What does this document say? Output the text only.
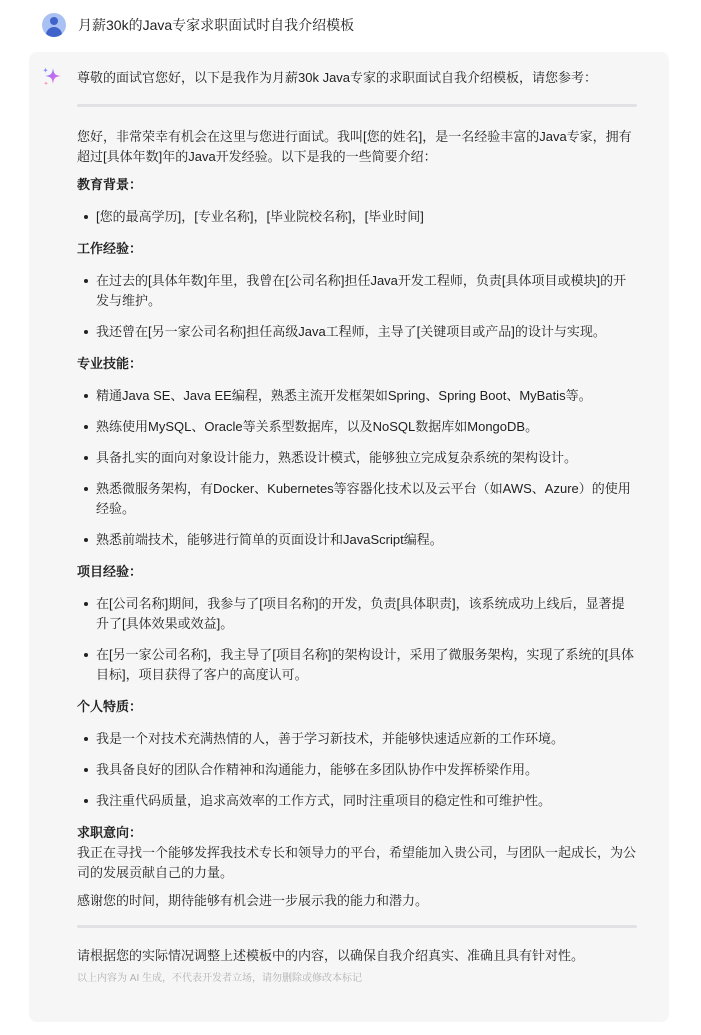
月薪30k的Java专家求职面试时自我介绍模板

尊敬的面试官您好，以下是我作为月薪30k Java专家的求职面试自我介绍模板，请您参考：

您好，非常荣幸有机会在这里与您进行面试。我叫[您的姓名]，是一名经验丰富的Java专家，拥有超过[具体年数]年的Java开发经验。以下是我的一些简要介绍：

教育背景：

[您的最高学历]，[专业名称]，[毕业院校名称]，[毕业时间]

工作经验：

在过去的[具体年数]年里，我曾在[公司名称]担任Java开发工程师，负责[具体项目或模块]的开发与维护。
我还曾在[另一家公司名称]担任高级Java工程师，主导了[关键项目或产品]的设计与实现。

专业技能：

精通Java SE、Java EE编程，熟悉主流开发框架如Spring、Spring Boot、MyBatis等。
熟练使用MySQL、Oracle等关系型数据库，以及NoSQL数据库如MongoDB。
具备扎实的面向对象设计能力，熟悉设计模式，能够独立完成复杂系统的架构设计。
熟悉微服务架构，有Docker、Kubernetes等容器化技术以及云平台（如AWS、Azure）的使用经验。
熟悉前端技术，能够进行简单的页面设计和JavaScript编程。

项目经验：

在[公司名称]期间，我参与了[项目名称]的开发，负责[具体职责]，该系统成功上线后，显著提升了[具体效果或效益]。
在[另一家公司名称]，我主导了[项目名称]的架构设计，采用了微服务架构，实现了系统的[具体目标]，项目获得了客户的高度认可。

个人特质：

我是一个对技术充满热情的人，善于学习新技术，并能够快速适应新的工作环境。
我具备良好的团队合作精神和沟通能力，能够在多团队协作中发挥桥梁作用。
我注重代码质量，追求高效率的工作方式，同时注重项目的稳定性和可维护性。

求职意向：

我正在寻找一个能够发挥我技术专长和领导力的平台，希望能加入贵公司，与团队一起成长，为公司的发展贡献自己的力量。

感谢您的时间，期待能够有机会进一步展示我的能力和潜力。

请根据您的实际情况调整上述模板中的内容，以确保自我介绍真实、准确且具有针对性。

以上内容为 AI 生成，不代表开发者立场，请勿删除或修改本标记
